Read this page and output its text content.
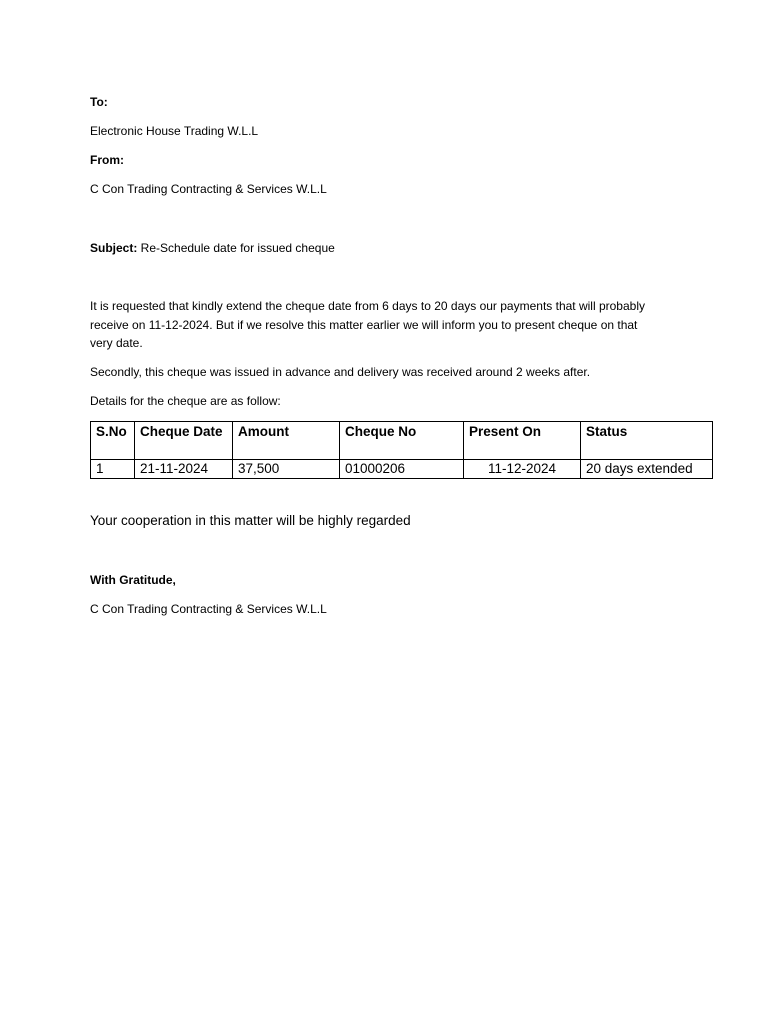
To:
Electronic House Trading W.L.L
From:
C Con Trading Contracting & Services W.L.L
Subject: Re-Schedule date for issued cheque
It is requested that kindly extend the cheque date from 6 days to 20 days our payments that will probably receive on 11-12-2024. But if we resolve this matter earlier we will inform you to present cheque on that very date.
Secondly, this cheque was issued in advance and delivery was received around 2 weeks after.
Details for the cheque are as follow:
S.No	Cheque Date	Amount	Cheque No	Present On	Status
1	21-11-2024	37,500	01000206	11-12-2024	20 days extended
Your cooperation in this matter will be highly regarded
With Gratitude,
C Con Trading Contracting & Services W.L.L
